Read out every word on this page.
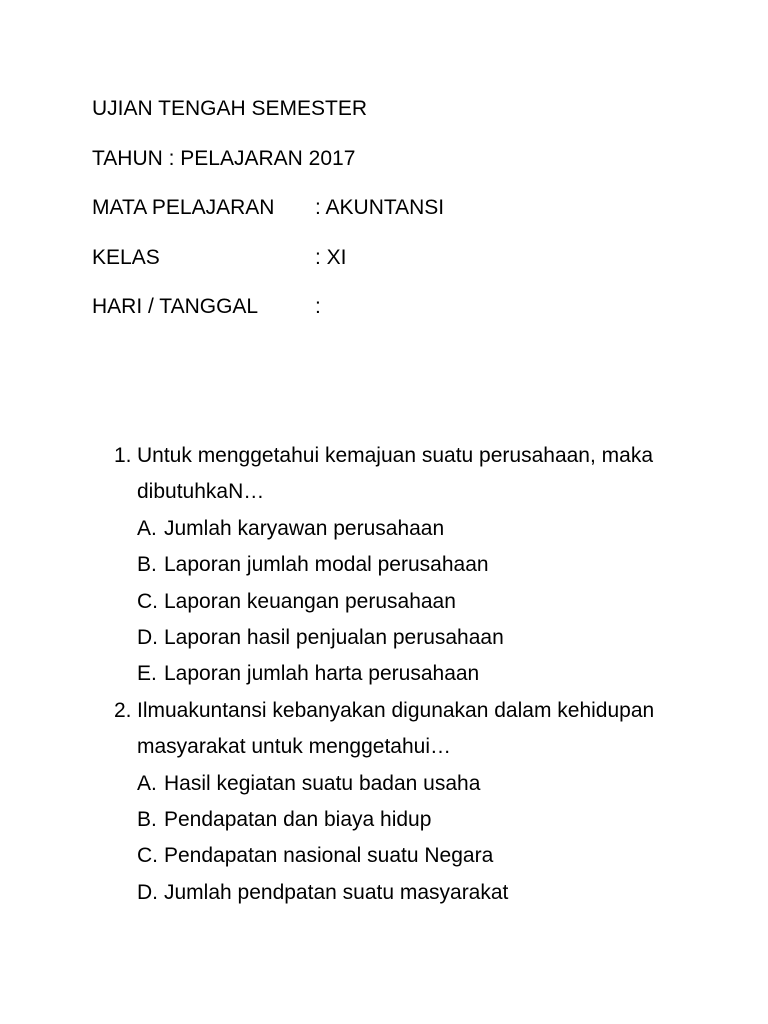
UJIAN TENGAH SEMESTER
TAHUN : PELAJARAN 2017
MATA PELAJARAN : AKUNTANSI
KELAS	: XI
HARI / TANGGAL	:
1. Untuk menggetahui kemajuan suatu perusahaan, maka dibutuhkaN…
A. Jumlah karyawan perusahaan
B. Laporan jumlah modal perusahaan
C. Laporan keuangan perusahaan
D. Laporan hasil penjualan perusahaan
E. Laporan jumlah harta perusahaan
2. Ilmuakuntansi kebanyakan digunakan dalam kehidupan masyarakat untuk menggetahui…
A. Hasil kegiatan suatu badan usaha
B. Pendapatan dan biaya hidup
C. Pendapatan nasional suatu Negara
D. Jumlah pendpatan suatu masyarakat
